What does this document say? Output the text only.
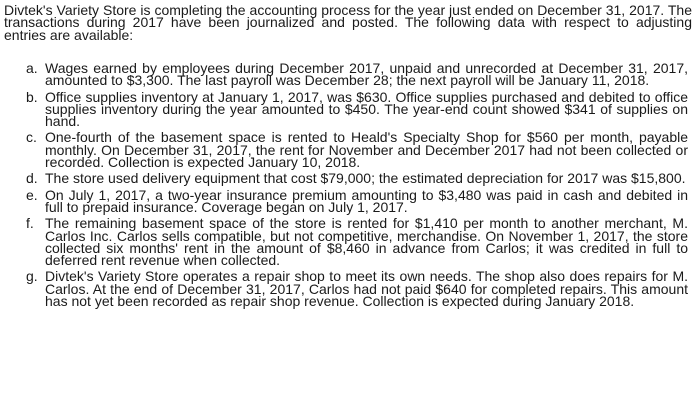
Divtek's Variety Store is completing the accounting process for the year just ended on December 31, 2017. The transactions during 2017 have been journalized and posted. The following data with respect to adjusting entries are available:

a. Wages earned by employees during December 2017, unpaid and unrecorded at December 31, 2017, amounted to $3,300. The last payroll was December 28; the next payroll will be January 11, 2018.
b. Office supplies inventory at January 1, 2017, was $630. Office supplies purchased and debited to office supplies inventory during the year amounted to $450. The year-end count showed $341 of supplies on hand.
c. One-fourth of the basement space is rented to Heald's Specialty Shop for $560 per month, payable monthly. On December 31, 2017, the rent for November and December 2017 had not been collected or recorded. Collection is expected January 10, 2018.
d. The store used delivery equipment that cost $79,000; the estimated depreciation for 2017 was $15,800.
e. On July 1, 2017, a two-year insurance premium amounting to $3,480 was paid in cash and debited in full to prepaid insurance. Coverage began on July 1, 2017.
f. The remaining basement space of the store is rented for $1,410 per month to another merchant, M. Carlos Inc. Carlos sells compatible, but not competitive, merchandise. On November 1, 2017, the store collected six months' rent in the amount of $8,460 in advance from Carlos; it was credited in full to deferred rent revenue when collected.
g. Divtek's Variety Store operates a repair shop to meet its own needs. The shop also does repairs for M. Carlos. At the end of December 31, 2017, Carlos had not paid $640 for completed repairs. This amount has not yet been recorded as repair shop revenue. Collection is expected during January 2018.
